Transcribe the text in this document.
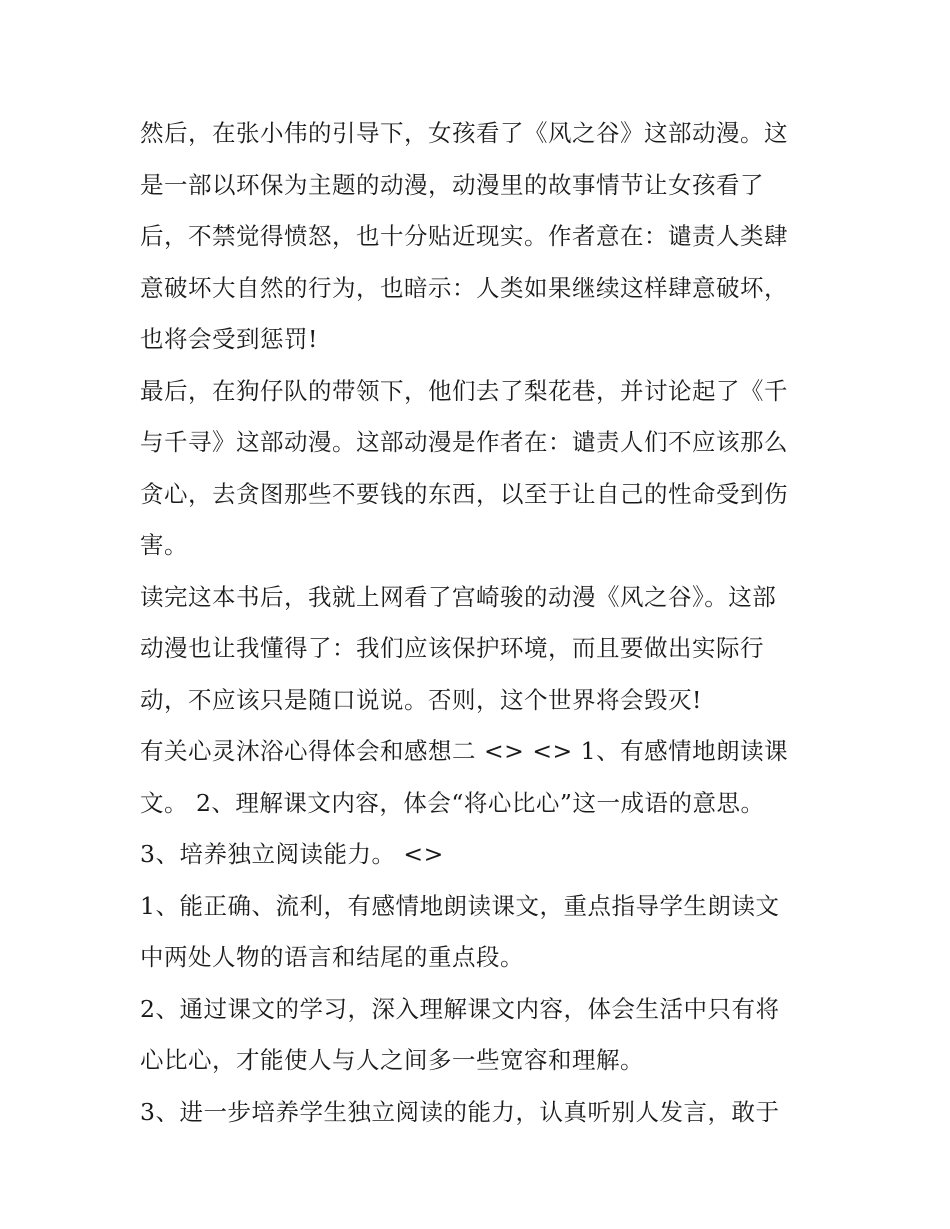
然后，在张小伟的引导下，女孩看了《风之谷》这部动漫。这
是一部以环保为主题的动漫，动漫里的故事情节让女孩看了
后，不禁觉得愤怒，也十分贴近现实。作者意在：谴责人类肆
意破坏大自然的行为，也暗示：人类如果继续这样肆意破坏，
也将会受到惩罚!
最后，在狗仔队的带领下，他们去了梨花巷，并讨论起了《千
与千寻》这部动漫。这部动漫是作者在：谴责人们不应该那么
贪心，去贪图那些不要钱的东西，以至于让自己的性命受到伤
害。
读完这本书后，我就上网看了宫崎骏的动漫《风之谷》。这部
动漫也让我懂得了：我们应该保护环境，而且要做出实际行
动，不应该只是随口说说。否则，这个世界将会毁灭!
有关心灵沐浴心得体会和感想二 <> <> 1、有感情地朗读课
文。 2、理解课文内容，体会“将心比心”这一成语的意思。
3、培养独立阅读能力。 <>
1、能正确、流利，有感情地朗读课文，重点指导学生朗读文
中两处人物的语言和结尾的重点段。
2、通过课文的学习，深入理解课文内容，体会生活中只有将
心比心，才能使人与人之间多一些宽容和理解。
3、进一步培养学生独立阅读的能力，认真听别人发言，敢于
